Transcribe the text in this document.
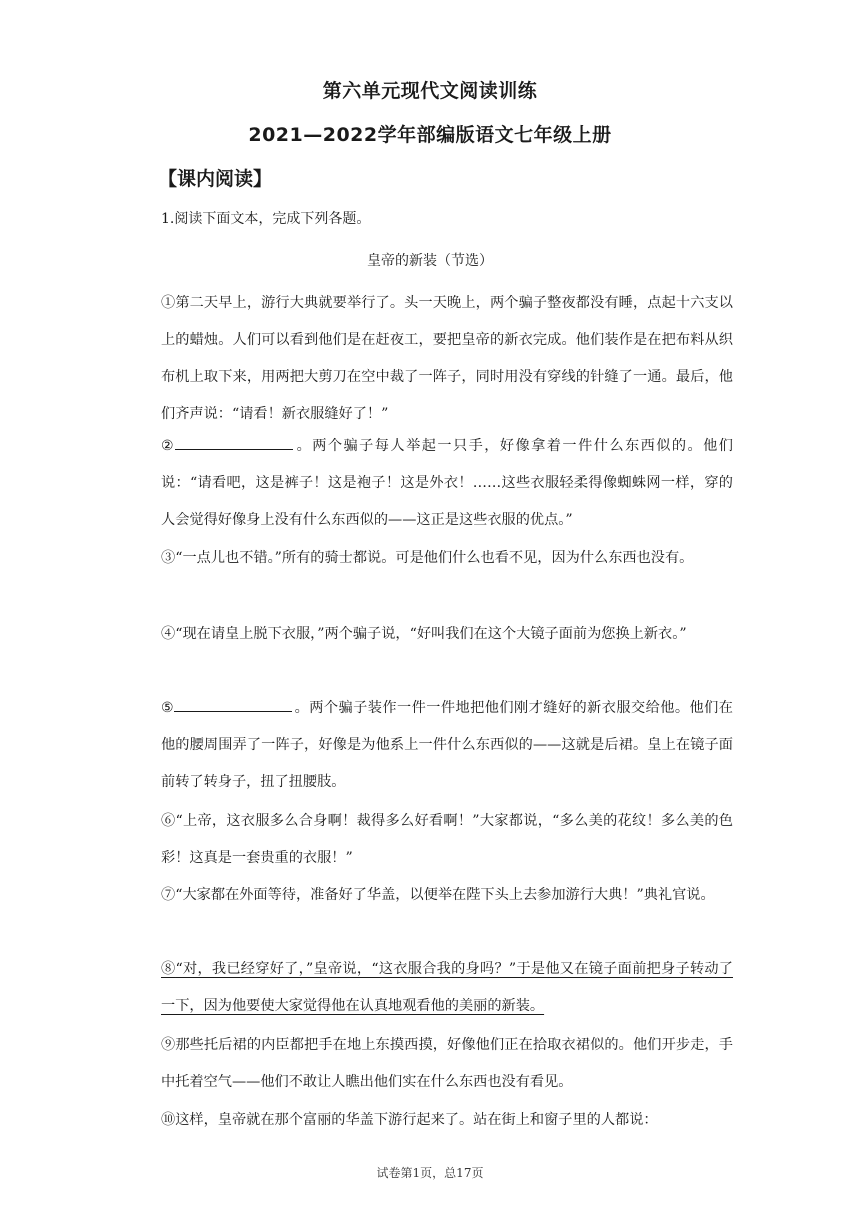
第六单元现代文阅读训练
2021—2022学年部编版语文七年级上册
【课内阅读】
1.阅读下面文本，完成下列各题。
皇帝的新装（节选）
①第二天早上，游行大典就要举行了。头一天晚上，两个骗子整夜都没有睡，点起十六支以上的蜡烛。人们可以看到他们是在赶夜工，要把皇帝的新衣完成。他们装作是在把布料从织布机上取下来，用两把大剪刀在空中裁了一阵子，同时用没有穿线的针缝了一通。最后，他们齐声说：“请看！新衣服缝好了！”
②	。两个骗子每人举起一只手，好像拿着一件什么东西似的。他们说：“请看吧，这是裤子！这是袍子！这是外衣！……这些衣服轻柔得像蜘蛛网一样，穿的人会觉得好像身上没有什么东西似的——这正是这些衣服的优点。”
③“一点儿也不错。”所有的骑士都说。可是他们什么也看不见，因为什么东西也没有。
④“现在请皇上脱下衣服，”两个骗子说，“好叫我们在这个大镜子面前为您换上新衣。”
⑤	。两个骗子装作一件一件地把他们刚才缝好的新衣服交给他。他们在他的腰周围弄了一阵子，好像是为他系上一件什么东西似的——这就是后裙。皇上在镜子面前转了转身子，扭了扭腰肢。
⑥“上帝，这衣服多么合身啊！裁得多么好看啊！”大家都说，“多么美的花纹！多么美的色彩！这真是一套贵重的衣服！”
⑦“大家都在外面等待，准备好了华盖，以便举在陛下头上去参加游行大典！”典礼官说。
⑧“对，我已经穿好了，”皇帝说，“这衣服合我的身吗？”于是他又在镜子面前把身子转动了一下，因为他要使大家觉得他在认真地观看他的美丽的新装。
⑨那些托后裙的内臣都把手在地上东摸西摸，好像他们正在拾取衣裙似的。他们开步走，手中托着空气——他们不敢让人瞧出他们实在什么东西也没有看见。
⑩这样，皇帝就在那个富丽的华盖下游行起来了。站在街上和窗子里的人都说：
试卷第1页，总17页
